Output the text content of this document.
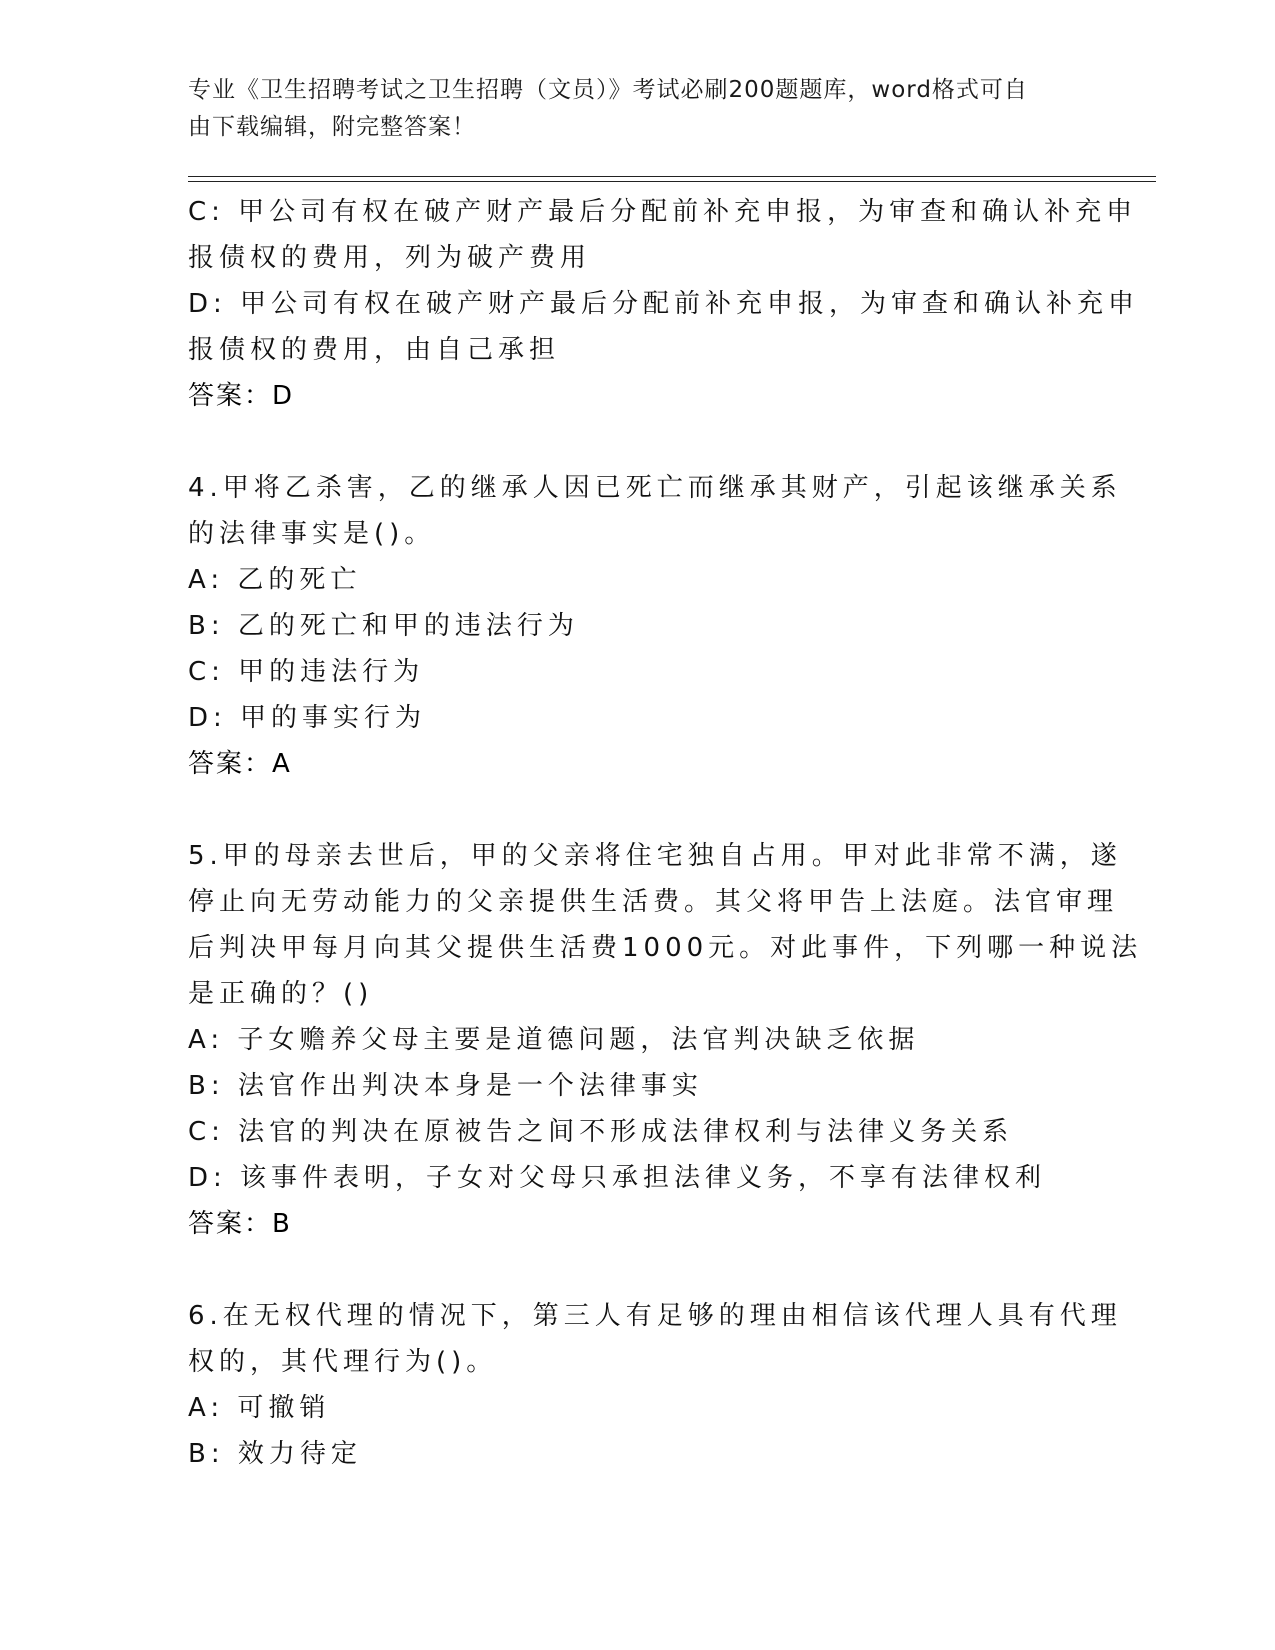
专业《卫生招聘考试之卫生招聘（文员）》考试必刷200题题库，word格式可自
由下载编辑，附完整答案！
C: 甲公司有权在破产财产最后分配前补充申报，为审查和确认补充申
报债权的费用，列为破产费用
D: 甲公司有权在破产财产最后分配前补充申报，为审查和确认补充申
报债权的费用，由自己承担
答案：D
4.甲将乙杀害，乙的继承人因已死亡而继承其财产，引起该继承关系
的法律事实是()。
A: 乙的死亡
B: 乙的死亡和甲的违法行为
C: 甲的违法行为
D: 甲的事实行为
答案：A
5.甲的母亲去世后，甲的父亲将住宅独自占用。甲对此非常不满，遂
停止向无劳动能力的父亲提供生活费。其父将甲告上法庭。法官审理
后判决甲每月向其父提供生活费1000元。对此事件，下列哪一种说法
是正确的？()
A: 子女赡养父母主要是道德问题，法官判决缺乏依据
B: 法官作出判决本身是一个法律事实
C: 法官的判决在原被告之间不形成法律权利与法律义务关系
D: 该事件表明，子女对父母只承担法律义务，不享有法律权利
答案：B
6.在无权代理的情况下，第三人有足够的理由相信该代理人具有代理
权的，其代理行为()。
A: 可撤销
B: 效力待定
